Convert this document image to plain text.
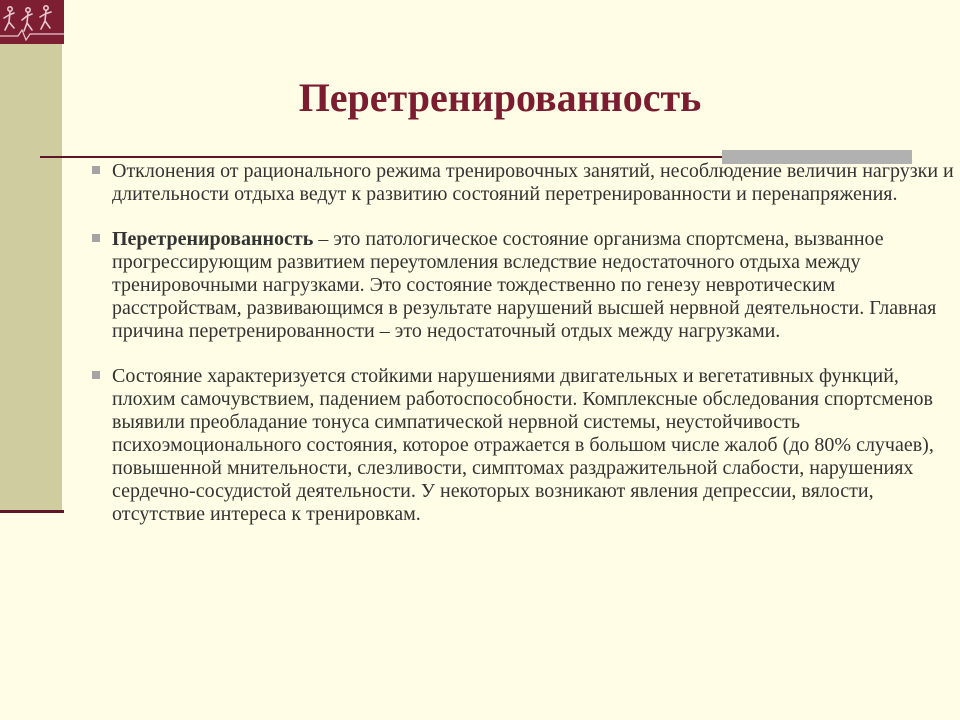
Перетренированность
Отклонения от рационального режима тренировочных занятий, несоблюдение величин нагрузки и длительности отдыха ведут к развитию состояний перетренированности и перенапряжения.
Перетренированность – это патологическое состояние организма спортсмена, вызванное прогрессирующим развитием переутомления вследствие недостаточного отдыха между тренировочными нагрузками. Это состояние тождественно по генезу невротическим расстройствам, развивающимся в результате нарушений высшей нервной деятельности. Главная причина перетренированности – это недостаточный отдых между нагрузками.
Состояние характеризуется стойкими нарушениями двигательных и вегетативных функций, плохим самочувствием, падением работоспособности. Комплексные обследования спортсменов выявили преобладание тонуса симпатической нервной системы, неустойчивость психоэмоционального состояния, которое отражается в большом числе жалоб (до 80% случаев), повышенной мнительности, слезливости, симптомах раздражительной слабости, нарушениях сердечно-сосудистой деятельности. У некоторых возникают явления депрессии, вялости, отсутствие интереса к тренировкам.
